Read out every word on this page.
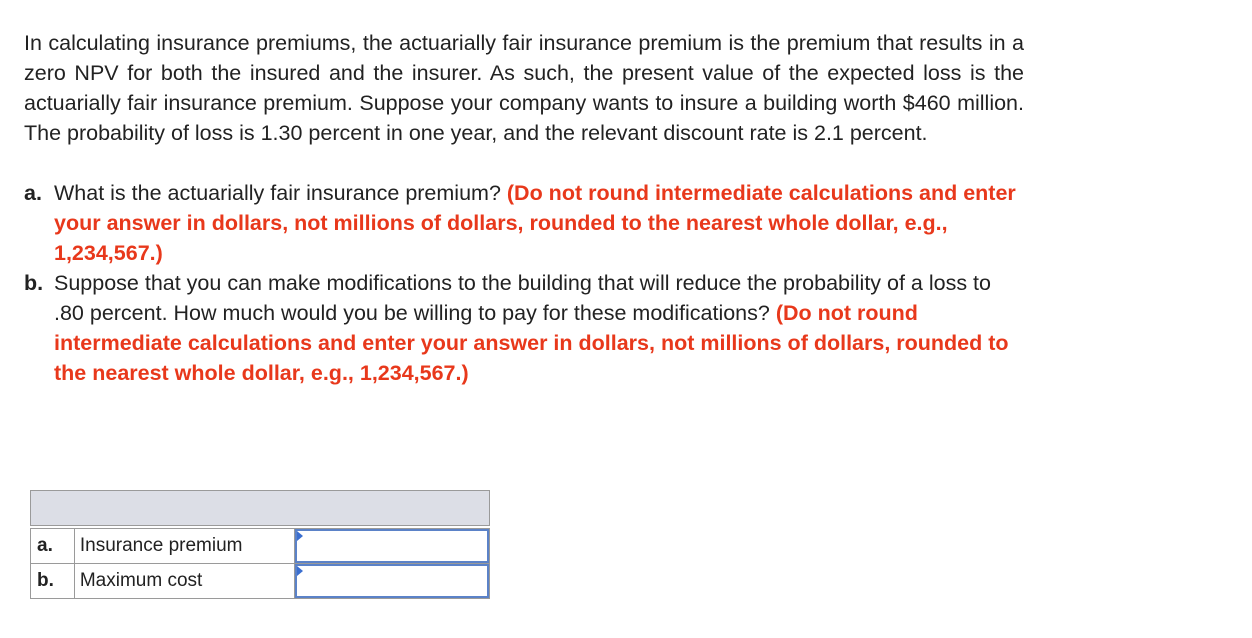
In calculating insurance premiums, the actuarially fair insurance premium is the premium that results in a zero NPV for both the insured and the insurer. As such, the present value of the expected loss is the actuarially fair insurance premium. Suppose your company wants to insure a building worth $460 million. The probability of loss is 1.30 percent in one year, and the relevant discount rate is 2.1 percent.

a. What is the actuarially fair insurance premium? (Do not round intermediate calculations and enter your answer in dollars, not millions of dollars, rounded to the nearest whole dollar, e.g., 1,234,567.)
b. Suppose that you can make modifications to the building that will reduce the probability of a loss to .80 percent. How much would you be willing to pay for these modifications? (Do not round intermediate calculations and enter your answer in dollars, not millions of dollars, rounded to the nearest whole dollar, e.g., 1,234,567.)

a.	Insurance premium	

b.	Maximum cost	
